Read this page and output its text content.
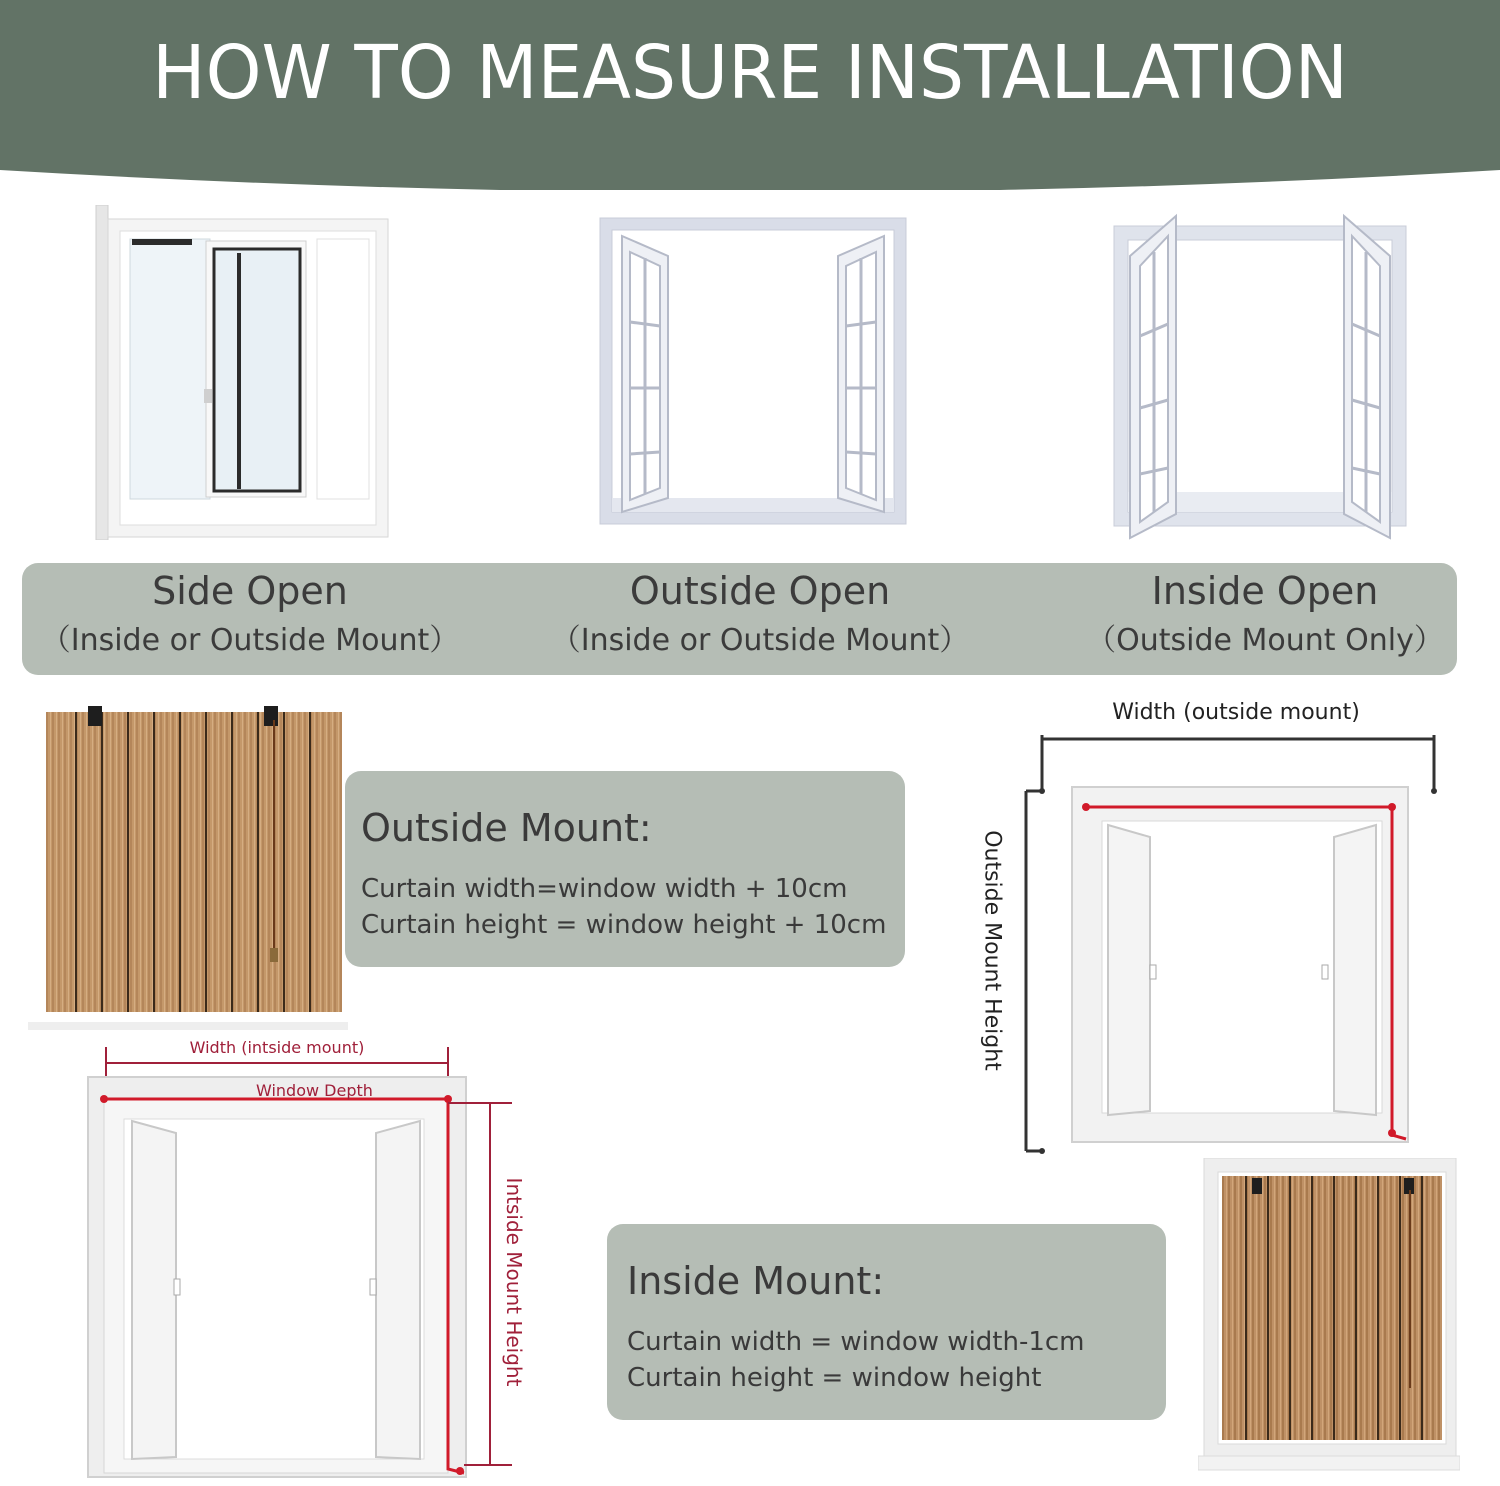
HOW TO MEASURE INSTALLATION
Side Open
（Inside or Outside Mount）
Outside Open
（Inside or Outside Mount）
Inside Open
（Outside Mount Only）

Outside Mount:

Curtain width=window width + 10cm

Curtain height = window height + 10cm

Width (outside mount)
Outside Mount Height
Width (intside mount)
Window Depth
Intside Mount Height	Inside Mount:

Curtain width = window width-1cm

Curtain height = window height
